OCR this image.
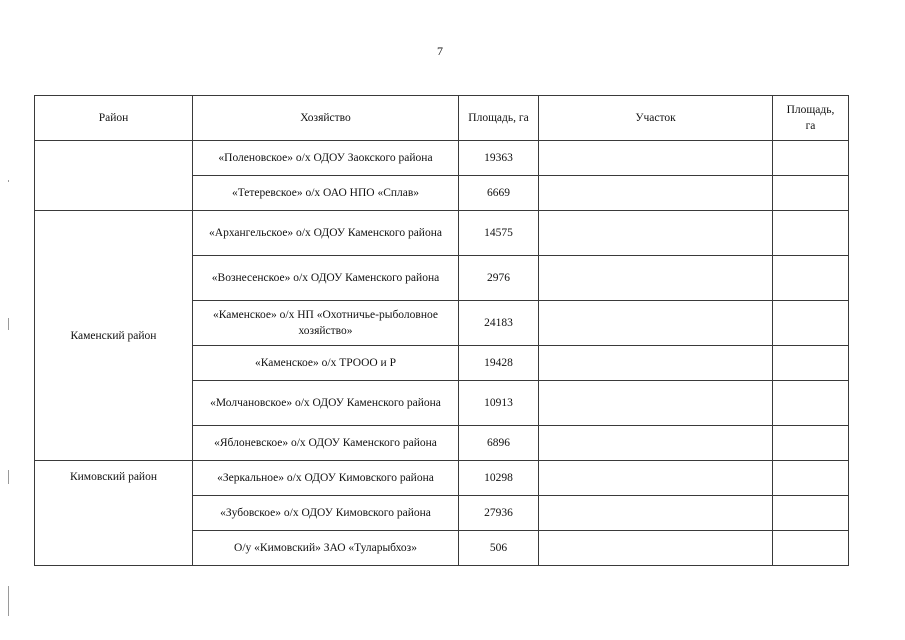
7
Район	Хозяйство	Площадь, га	Участок	Площадь,
га
	«Поленовское» о/х ОДОУ Заокского района	19363		
	«Тетеревское» о/х ОАО НПО «Сплав»	6669		
Каменский район	«Архангельское» о/х ОДОУ Каменского района	14575		
	«Вознесенское» о/х ОДОУ Каменского района	2976		
	«Каменское» о/х НП «Охотничье-рыболовное хозяйство»	24183		
	«Каменское» о/х ТРООО и Р	19428		
	«Молчановское» о/х ОДОУ Каменского района	10913		
	«Яблоневское» о/х ОДОУ Каменского района	6896		
Кимовский район	«Зеркальное» о/х ОДОУ Кимовского района	10298		
	«Зубовское» о/х ОДОУ Кимовского района	27936		
	О/у «Кимовский» ЗАО «Туларыбхоз»	506		
